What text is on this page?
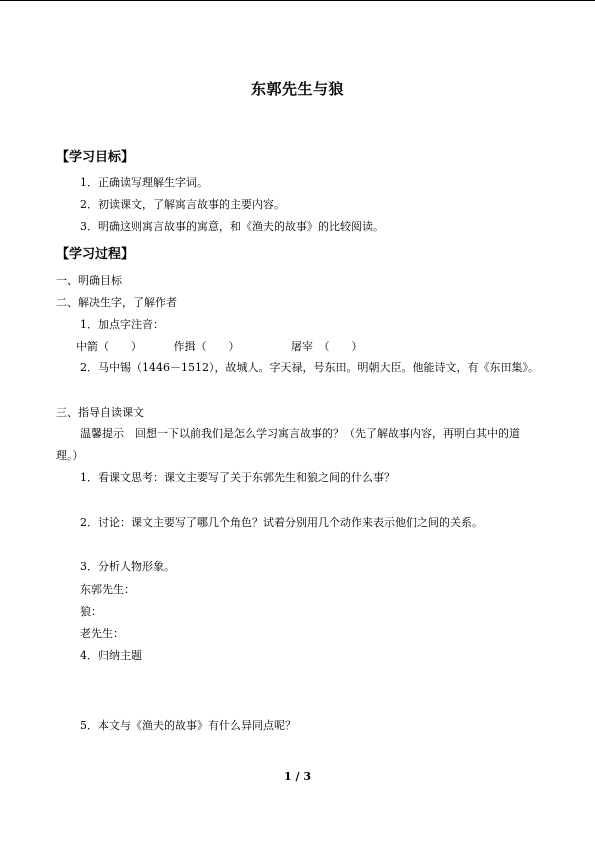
东郭先生与狼
【学习目标】
1．正确读写理解生字词。
2．初读课文，了解寓言故事的主要内容。
3．明确这则寓言故事的寓意，和《渔夫的故事》的比较阅读。
【学习过程】
一、明确目标
二、解决生字，了解作者
1．加点字注音：
中箭（　　）	作揖（　　）	屠宰　（　　）
2．马中锡（1446－1512），故城人。字天禄，号东田。明朝大臣。他能诗文，有《东田集》。
三、指导自读课文
温馨提示　回想一下以前我们是怎么学习寓言故事的？（先了解故事内容，再明白其中的道理。）
1．看课文思考：课文主要写了关于东郭先生和狼之间的什么事？
2．讨论：课文主要写了哪几个角色？试着分别用几个动作来表示他们之间的关系。
3．分析人物形象。
东郭先生：
狼：
老先生：
4．归纳主题
5．本文与《渔夫的故事》有什么异同点呢？
1 / 3
